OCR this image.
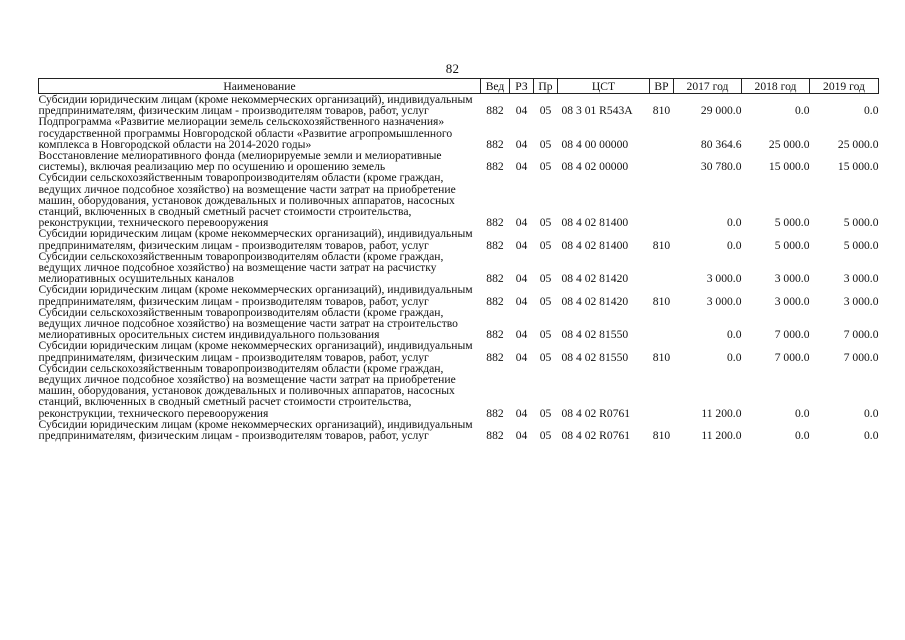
82
Наименование	Вед	РЗ	Пр	ЦСТ	ВР	2017 год	2018 год	2019 год
Субсидии юридическим лицам (кроме некоммерческих организаций), индивидуальным предпринимателям, физическим лицам - производителям товаров, работ, услуг	882	04	05	08 3 01 R543A	810	29 000.0	0.0	0.0
Подпрограмма «Развитие мелиорации земель сельскохозяйственного назначения» государственной программы Новгородской области «Развитие агропромышленного комплекса в Новгородской области на 2014-2020 годы»	882	04	05	08 4 00 00000		80 364.6	25 000.0	25 000.0
Восстановление мелиоративного фонда (мелиорируемые земли и мелиоративные системы), включая реализацию мер по осушению и орошению земель	882	04	05	08 4 02 00000		30 780.0	15 000.0	15 000.0
Субсидии сельскохозяйственным товаропроизводителям области (кроме граждан, ведущих личное подсобное хозяйство) на возмещение части затрат на приобретение машин, оборудования, установок дождевальных и поливочных аппаратов, насосных станций, включенных в сводный сметный расчет стоимости строительства, реконструкции, технического перевооружения	882	04	05	08 4 02 81400		0.0	5 000.0	5 000.0
Субсидии юридическим лицам (кроме некоммерческих организаций), индивидуальным предпринимателям, физическим лицам - производителям товаров, работ, услуг	882	04	05	08 4 02 81400	810	0.0	5 000.0	5 000.0
Субсидии сельскохозяйственным товаропроизводителям области (кроме граждан, ведущих личное подсобное хозяйство) на возмещение части затрат на расчистку мелиоративных осушительных каналов	882	04	05	08 4 02 81420		3 000.0	3 000.0	3 000.0
Субсидии юридическим лицам (кроме некоммерческих организаций), индивидуальным предпринимателям, физическим лицам - производителям товаров, работ, услуг	882	04	05	08 4 02 81420	810	3 000.0	3 000.0	3 000.0
Субсидии сельскохозяйственным товаропроизводителям области (кроме граждан, ведущих личное подсобное хозяйство) на возмещение части затрат на строительство мелиоративных оросительных систем индивидуального пользования	882	04	05	08 4 02 81550		0.0	7 000.0	7 000.0
Субсидии юридическим лицам (кроме некоммерческих организаций), индивидуальным предпринимателям, физическим лицам - производителям товаров, работ, услуг	882	04	05	08 4 02 81550	810	0.0	7 000.0	7 000.0
Субсидии сельскохозяйственным товаропроизводителям области (кроме граждан, ведущих личное подсобное хозяйство) на возмещение части затрат на приобретение машин, оборудования, установок дождевальных и поливочных аппаратов, насосных станций, включенных в сводный сметный расчет стоимости строительства, реконструкции, технического перевооружения	882	04	05	08 4 02 R0761		11 200.0	0.0	0.0
Субсидии юридическим лицам (кроме некоммерческих организаций), индивидуальным предпринимателям, физическим лицам - производителям товаров, работ, услуг	882	04	05	08 4 02 R0761	810	11 200.0	0.0	0.0
